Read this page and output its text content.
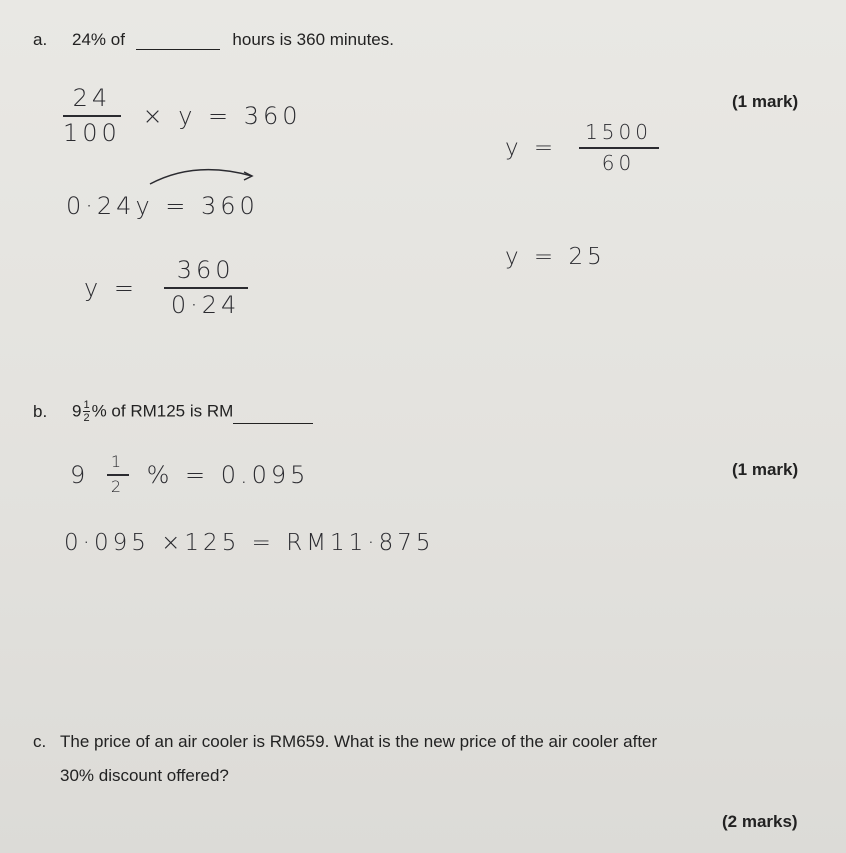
a. 24% of	hours is 360 minutes.
(1 mark)
$\frac{24}{100} \times y = 360$
0·24y = 360
$y = \frac{360}{0\cdot 24}$
$y = \frac{1500}{60}$
y = 25
b. $9 \frac{1}{2}$ % of RM125 is RM
(1 mark)
$9 \frac{1}{2}$ % = 0.095
0·095 ×125 = RM11·875
c. The price of an air cooler is RM659. What is the new price of the air cooler after
30% discount offered?
(2 marks)
